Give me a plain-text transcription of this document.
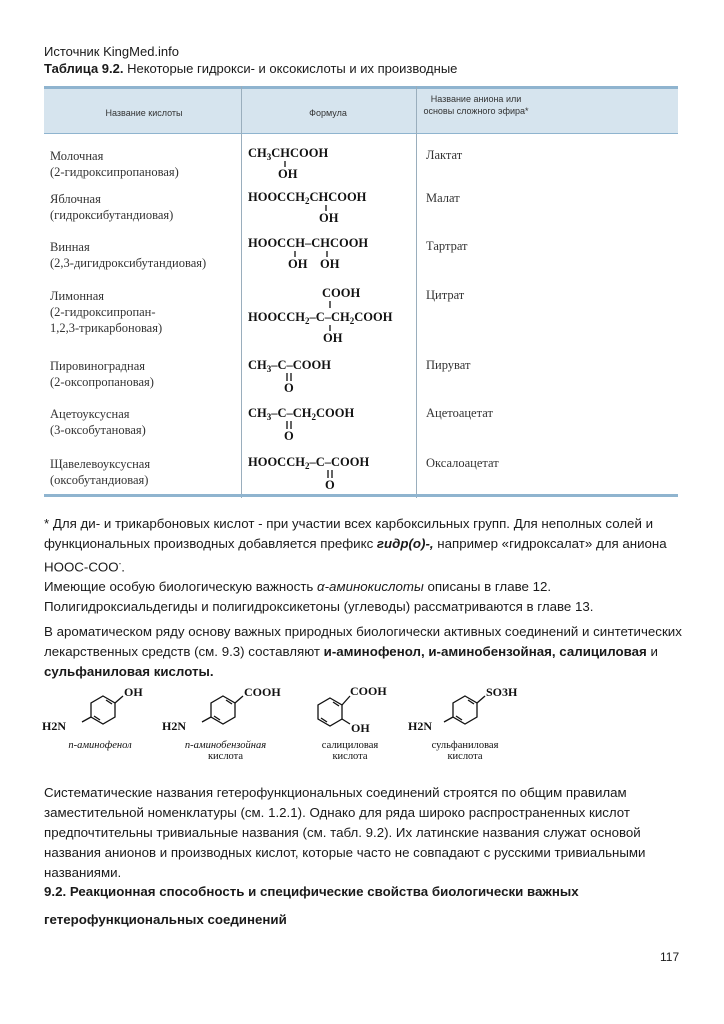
Источник KingMed.info
Таблица 9.2. Некоторые гидрокси- и оксокислоты и их производные
Название кислоты	Формула
Название аниона или основы сложного эфира*
Молочная
(2-гидроксипропановая)
Лактат
$CH_3CHCOOH$
OH
Яблочная
(гидроксибутандиовая)
Малат
$HOOCCH_2CHCOOH$
OH
Винная
(2,3-дигидроксибутандиовая)
Тартрат
HOOCCH–CHCOOH
OH OH
Лимонная
(2-гидроксипропан-
1,2,3-трикарбоновая)
Цитрат
COOH
$HOOCCH_2-C-CH_2COOH$
OH
Пировиноградная
(2-оксопропановая)
Пируват
$CH_3-C$–COOH
O
Ацетоуксусная
(3-оксобутановая)
Ацетоацетат
$CH_3-C-CH_2COOH$
O
Щавелевоуксусная
(оксобутандиовая)
Оксалоацетат
$HOOCCH_2-C$–COOH
O
* Для ди- и трикарбоновых кислот - при участии всех карбоксильных групп. Для неполных солей и функциональных производных добавляется префикс гидр(о)-, например «гидроксалат» для аниона HOOC-COO-.
Имеющие особую биологическую важность α-аминокислоты описаны в главе 12. Полигидроксиальдегиды и полигидроксикетоны (углеводы) рассматриваются в главе 13.
В ароматическом ряду основу важных природных биологически активных соединений и синтетических лекарственных средств (см. 9.3) составляют и-аминофенол, и-аминобензойная, салициловая и сульфаниловая кислоты.
OH
H2N
п-аминофенол
COOH
H2N
п-аминобензойная
кислота
COOH
OH
салициловая
кислота
SO3H
H2N
сульфаниловая
кислота
Систематические названия гетерофункциональных соединений строятся по общим правилам заместительной номенклатуры (см. 1.2.1). Однако для ряда широко распространенных кислот предпочтительны тривиальные названия (см. табл. 9.2). Их латинские названия служат основой названия анионов и производных кислот, которые часто не совпадают с русскими тривиальными названиями.
9.2. Реакционная способность и специфические свойства биологически важных
гетерофункциональных соединений
117
